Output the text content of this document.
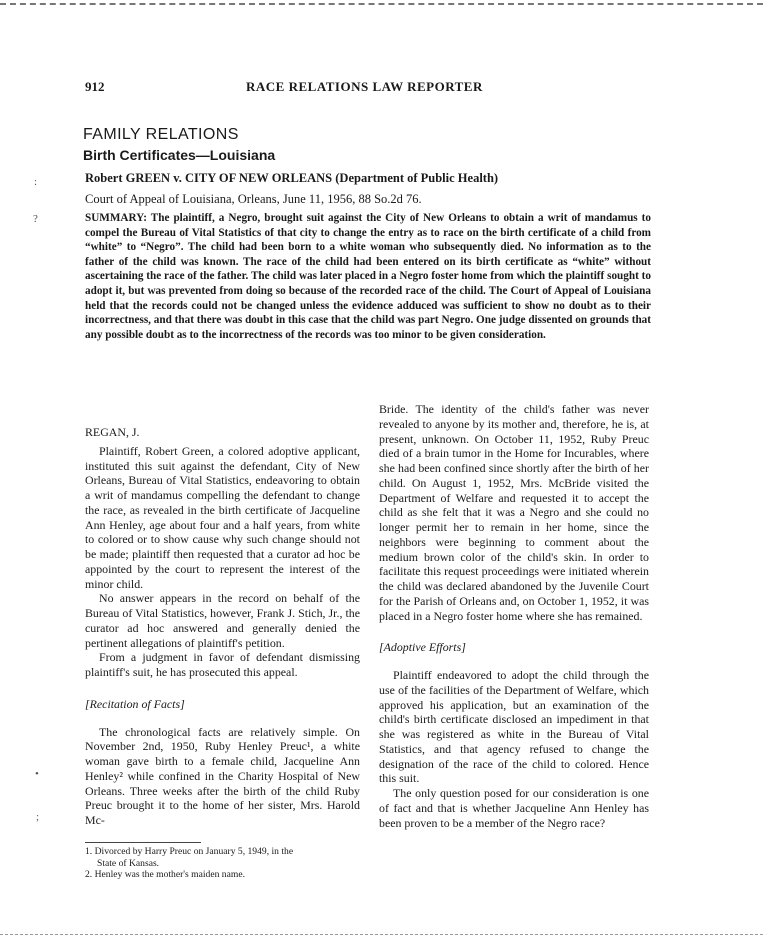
912	RACE RELATIONS LAW REPORTER
FAMILY RELATIONS
Birth Certificates—Louisiana
Robert GREEN v. CITY OF NEW ORLEANS (Department of Public Health)
Court of Appeal of Louisiana, Orleans, June 11, 1956, 88 So.2d 76.
SUMMARY: The plaintiff, a Negro, brought suit against the City of New Orleans to obtain a writ of mandamus to compel the Bureau of Vital Statistics of that city to change the entry as to race on the birth certificate of a child from “white” to “Negro”. The child had been born to a white woman who subsequently died. No information as to the father of the child was known. The race of the child had been entered on its birth certificate as “white” without ascertaining the race of the father. The child was later placed in a Negro foster home from which the plaintiff sought to adopt it, but was prevented from doing so because of the recorded race of the child. The Court of Appeal of Louisiana held that the records could not be changed unless the evidence adduced was sufficient to show no doubt as to their incorrectness, and that there was doubt in this case that the child was part Negro. One judge dissented on grounds that any possible doubt as to the incorrectness of the records was too minor to be given consideration.
:
?
•
;

REGAN, J.

Plaintiff, Robert Green, a colored adoptive applicant, instituted this suit against the defendant, City of New Orleans, Bureau of Vital Statistics, endeavoring to obtain a writ of mandamus compelling the defendant to change the race, as revealed in the birth certificate of Jacqueline Ann Henley, age about four and a half years, from white to colored or to show cause why such change should not be made; plaintiff then requested that a curator ad hoc be appointed by the court to represent the interest of the minor child.

No answer appears in the record on behalf of the Bureau of Vital Statistics, however, Frank J. Stich, Jr., the curator ad hoc answered and generally denied the pertinent allegations of plaintiff's petition.

From a judgment in favor of defendant dismissing plaintiff's suit, he has prosecuted this appeal.

[Recitation of Facts]

The chronological facts are relatively simple. On November 2nd, 1950, Ruby Henley Preuc¹, a white woman gave birth to a female child, Jacqueline Ann Henley² while confined in the Charity Hospital of New Orleans. Three weeks after the birth of the child Ruby Preuc brought it to the home of her sister, Mrs. Harold Mc-

Bride. The identity of the child's father was never revealed to anyone by its mother and, therefore, he is, at present, unknown. On October 11, 1952, Ruby Preuc died of a brain tumor in the Home for Incurables, where she had been confined since shortly after the birth of her child. On August 1, 1952, Mrs. McBride visited the Department of Welfare and requested it to accept the child as she felt that it was a Negro and she could no longer permit her to remain in her home, since the neighbors were beginning to comment about the medium brown color of the child's skin. In order to facilitate this request proceedings were initiated wherein the child was declared abandoned by the Juvenile Court for the Parish of Orleans and, on October 1, 1952, it was placed in a Negro foster home where she has remained.

[Adoptive Efforts]

Plaintiff endeavored to adopt the child through the use of the facilities of the Department of Welfare, which approved his application, but an examination of the child's birth certificate disclosed an impediment in that she was registered as white in the Bureau of Vital Statistics, and that agency refused to change the designation of the race of the child to colored. Hence this suit.

The only question posed for our consideration is one of fact and that is whether Jacqueline Ann Henley has been proven to be a member of the Negro race?

1. Divorced by Harry Preuc on January 5, 1949, in the

State of Kansas.

2. Henley was the mother's maiden name.
